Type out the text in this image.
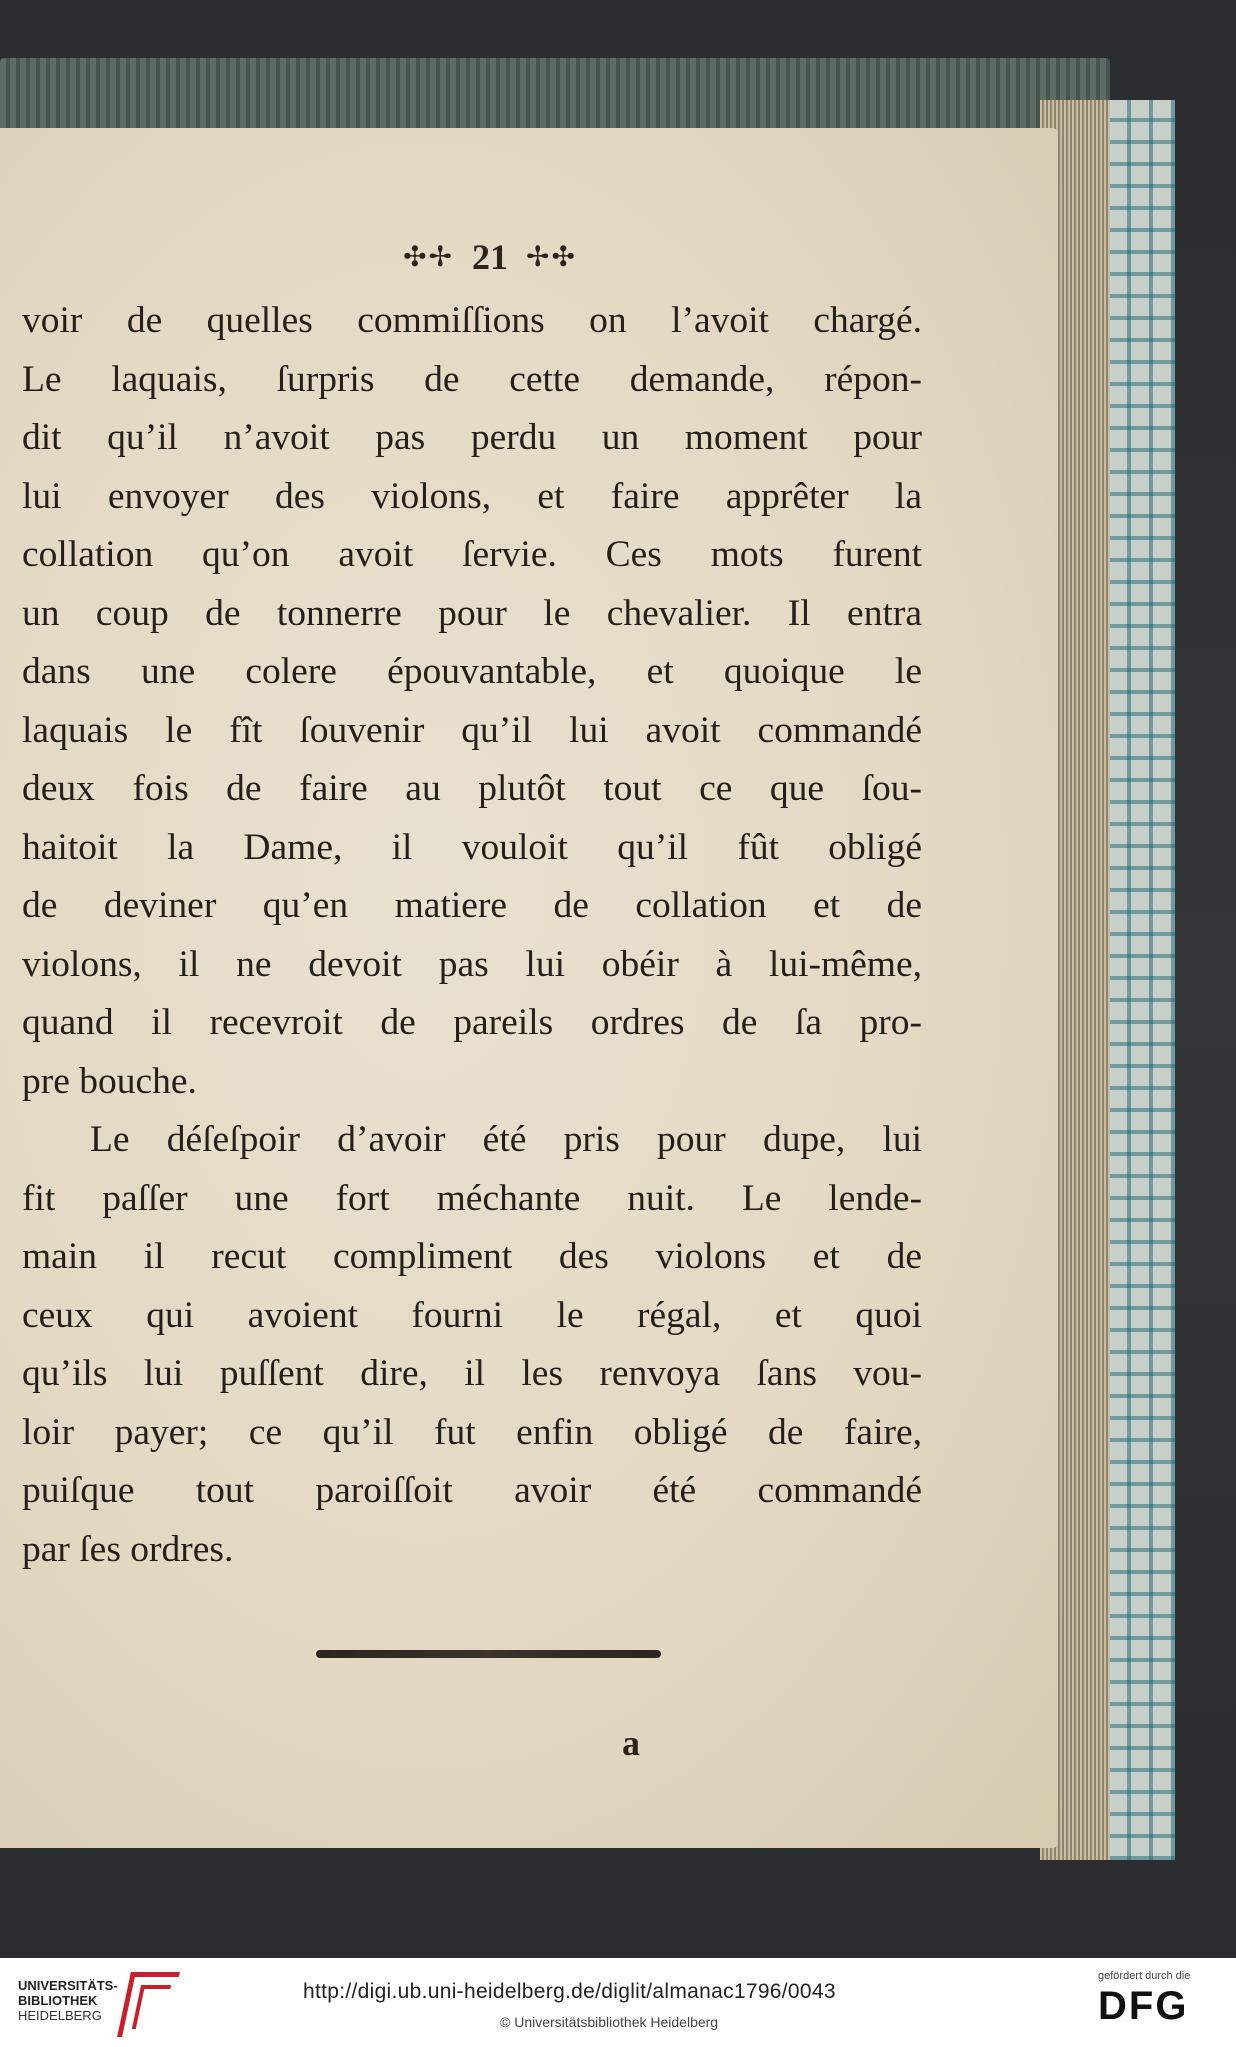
✣✢ 21 ✢✣
voir de quelles commiſſions on l’avoit chargé.
Le laquais, ſurpris de cette demande, répon-
dit qu’il n’avoit pas perdu un moment pour
lui envoyer des violons, et faire apprêter la
collation qu’on avoit ſervie. Ces mots furent
un coup de tonnerre pour le chevalier. Il entra
dans une colere épouvantable, et quoique le
laquais le fît ſouvenir qu’il lui avoit commandé
deux fois de faire au plutôt tout ce que ſou-
haitoit la Dame, il vouloit qu’il fût obligé
de deviner qu’en matiere de collation et de
violons, il ne devoit pas lui obéir à lui-même,
quand il recevroit de pareils ordres de ſa pro-
pre bouche.
Le déſeſpoir d’avoir été pris pour dupe, lui
fit paſſer une fort méchante nuit. Le lende-
main il recut compliment des violons et de
ceux qui avoient fourni le régal, et quoi
qu’ils lui puſſent dire, il les renvoya ſans vou-
loir payer; ce qu’il fut enfin obligé de faire,
puiſque tout paroiſſoit avoir été commandé
par ſes ordres.
a
UNIVERSITÄTS-
BIBLIOTHEK
HEIDELBERG
http://digi.ub.uni-heidelberg.de/diglit/almanac1796/0043
© Universitätsbibliothek Heidelberg
gefördert durch die
DFG
